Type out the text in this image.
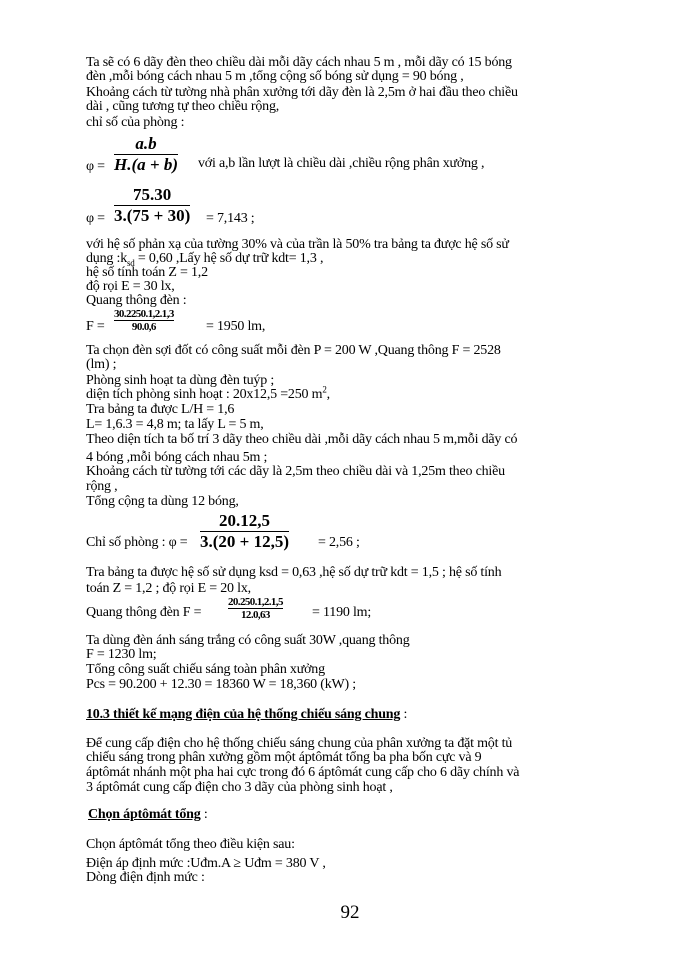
Ta sẽ có 6 dãy đèn theo chiều dài mỗi dãy cách nhau 5 m , mỗi dãy có 15 bóng
đèn ,mỗi bóng cách nhau 5 m ,tổng cộng số bóng sử dụng = 90 bóng ,
Khoảng cách từ tường nhà phân xưởng tới dãy đèn là 2,5m ở hai đầu theo chiều
dài , cũng tương tự theo chiều rộng,
chỉ số của phòng :
φ =
a.b
H.(a + b) với a,b lần lượt là chiều dài ,chiều rộng phân xưởng ,
φ =
75.30
3.(75 + 30) = 7,143 ;
với hệ số phản xạ của tường 30% và của trần là 50% tra bảng ta được hệ số sử
dụng $:k_{sd} = 0,60$ ,Lấy hệ số dự trữ kdt= 1,3 ,
hệ số tính toán Z = 1,2
độ rọi E = 30 lx,
Quang thông đèn :
F =
30.2250.1,2.1,3
90.0,6	= 1950 lm,
Ta chọn đèn sợi đốt có công suất mỗi đèn P = 200 W ,Quang thông F = 2528
(lm) ;
Phòng sinh hoạt ta dùng đèn tuýp ;
diện tích phòng sinh hoạt : 20x12,5 =250 $m^2$,
Tra bảng ta được L/H = 1,6
L= 1,6.3 = 4,8 m; ta lấy L = 5 m,
Theo diện tích ta bố trí 3 dãy theo chiều dài ,mỗi dãy cách nhau 5 m,mỗi dãy có
4 bóng ,mỗi bóng cách nhau 5m ;
Khoảng cách từ tường tới các dãy là 2,5m theo chiều dài và 1,25m theo chiều
rộng ,
Tổng cộng ta dùng 12 bóng,
Chỉ số phòng : φ =
20.12,5
3.(20 + 12,5) = 2,56 ;
Tra bảng ta được hệ số sử dụng ksd = 0,63 ,hệ số dự trữ kdt = 1,5 ; hệ số tính
toán Z = 1,2 ; độ rọi E = 20 lx,
Quang thông đèn F =
20.250.1,2.1,5
12.0,63	= 1190 lm;
Ta dùng đèn ánh sáng trắng có công suất 30W ,quang thông
F = 1230 lm;
Tổng công suất chiếu sáng toàn phân xưởng
Pcs = 90.200 + 12.30 = 18360 W = 18,360 (kW) ;
10.3 thiết kế mạng điện của hệ thống chiếu sáng chung :
Để cung cấp điện cho hệ thống chiếu sáng chung của phân xưởng ta đặt một tủ
chiếu sáng trong phân xưởng gồm một áptômát tổng ba pha bốn cực và 9
áptômát nhánh một pha hai cực trong đó 6 áptômát cung cấp cho 6 dãy chính và
3 áptômát cung cấp điện cho 3 dãy của phòng sinh hoạt ,
Chọn áptômát tổng :
Chọn áptômát tổng theo điều kiện sau:
Điện áp định mức :Uđm.A ≥ Uđm = 380 V ,
Dòng điện định mức :
92
